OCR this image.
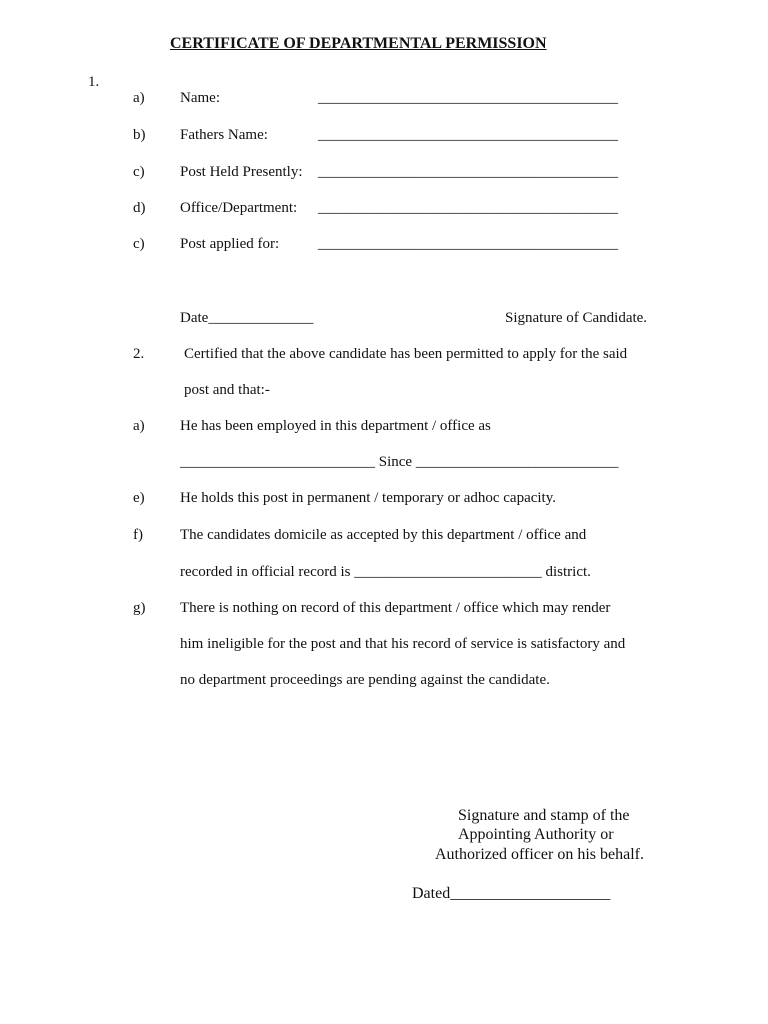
CERTIFICATE OF DEPARTMENTAL PERMISSION
1.
a) Name:	________________________________________
b) Fathers Name:	________________________________________
c) Post Held Presently: ________________________________________
d) Office/Department: ________________________________________
c) Post applied for:	________________________________________
Date______________	Signature of Candidate.
2.	Certified that the above candidate has been permitted to apply for the said
post and that:-
a) He has been employed in this department / office as
__________________________ Since ___________________________
e) He holds this post in permanent / temporary or adhoc capacity.
f) The candidates domicile as accepted by this department / office and
recorded in official record is _________________________ district.
g) There is nothing on record of this department / office which may render
him ineligible for the post and that his record of service is satisfactory and
no department proceedings are pending against the candidate.
Signature and stamp of the
Appointing Authority or
Authorized officer on his behalf.
Dated____________________
